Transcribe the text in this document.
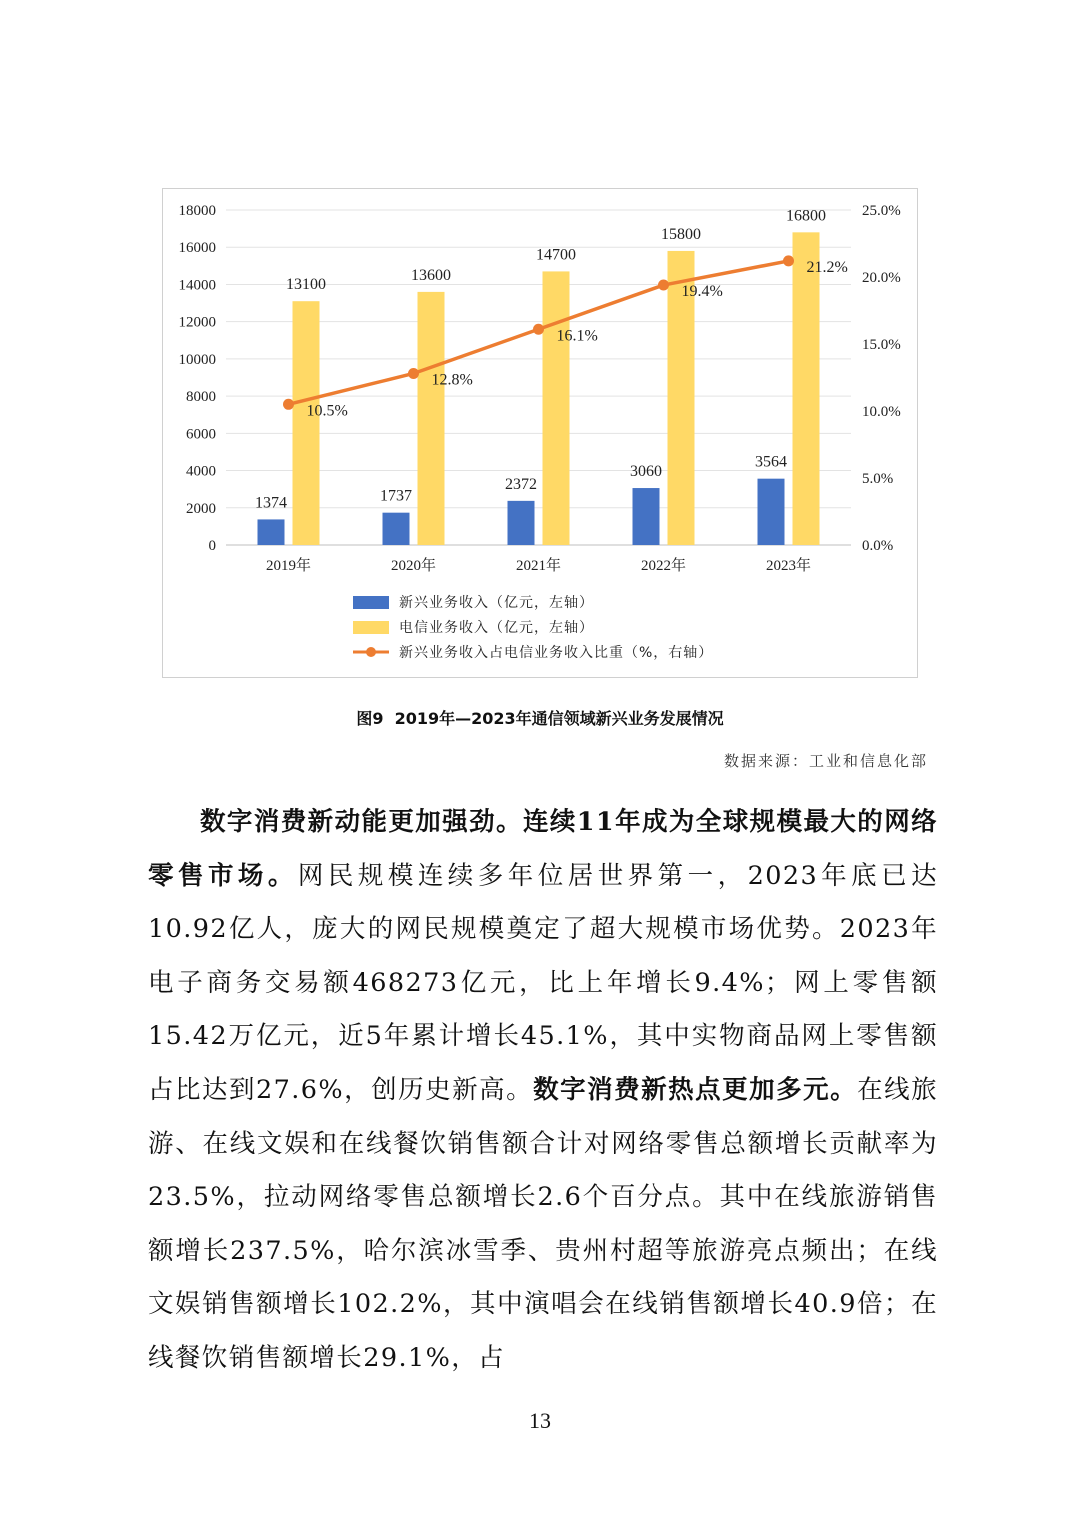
1374	1737
2372
3060
3564
13100
13600
14700
15800
16800
10.5%
12.8%
16.1%
19.4%
21.2%
0
2000
4000
6000
8000
10000
12000
14000
16000
18000
0.0%
5.0%
10.0%
15.0%
20.0%
25.0%
2019年	2020年	2021年	2022年	2023年
新兴业务收入（亿元，左轴）
电信业务收入（亿元，左轴）
新兴业务收入占电信业务收入比重（%，右轴）
图9 2019年—2023年通信领域新兴业务发展情况
数据来源：工业和信息化部
数字消费新动能更加强劲。连续11年成为全球规模最大的网络零售市场。网民规模连续多年位居世界第一，2023年底已达10.92亿人，庞大的网民规模奠定了超大规模市场优势。2023年电子商务交易额468273亿元，比上年增长9.4%；网上零售额15.42万亿元，近5年累计增长45.1%，其中实物商品网上零售额占比达到27.6%，创历史新高。数字消费新热点更加多元。在线旅游、在线文娱和在线餐饮销售额合计对网络零售总额增长贡献率为23.5%，拉动网络零售总额增长2.6个百分点。其中在线旅游销售额增长237.5%，哈尔滨冰雪季、贵州村超等旅游亮点频出；在线文娱销售额增长102.2%，其中演唱会在线销售额增长40.9倍；在线餐饮销售额增长29.1%，占
13
